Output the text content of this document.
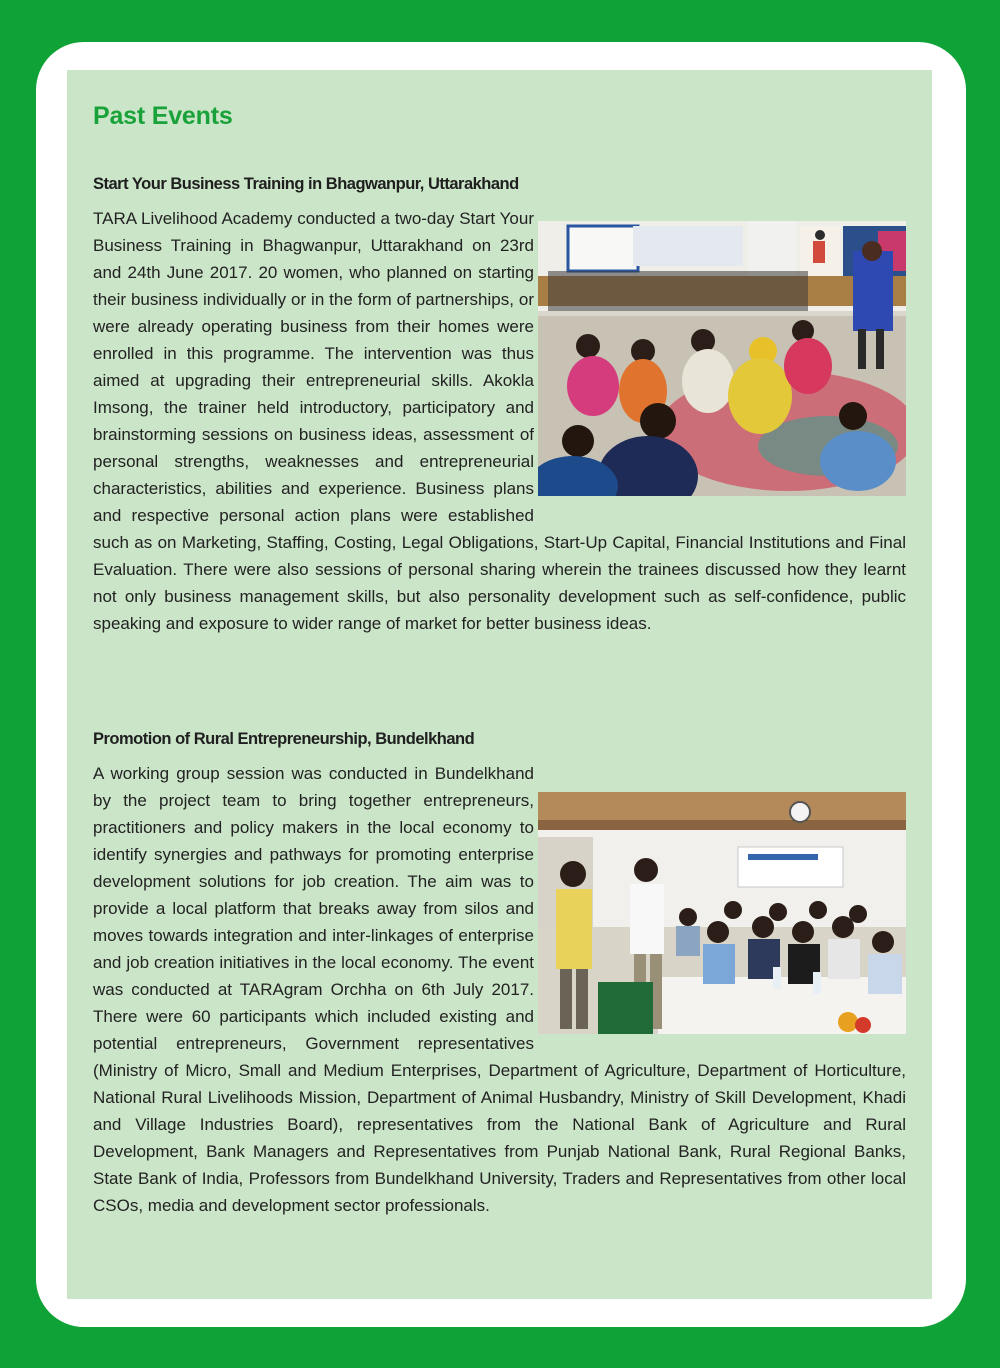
Past Events
Start Your Business Training in Bhagwanpur, Uttarakhand
TARA Livelihood Academy conducted a two-day Start Your Business Training in Bhagwanpur, Uttarakhand on 23rd and 24th June 2017. 20 women, who planned on starting their business individually or in the form of partnerships, or were already operating business from their homes were enrolled in this programme. The intervention was thus aimed at upgrading their entrepreneurial skills. Akokla Imsong, the trainer held introductory, participatory and brainstorming sessions on business ideas, assessment of personal strengths, weaknesses and entrepreneurial characteristics, abilities and experience. Business plans and respective personal action plans were established such as on Marketing, Staffing, Costing, Legal Obligations, Start-Up Capital, Financial Institutions and Final Evaluation. There were also sessions of personal sharing wherein the trainees discussed how they learnt not only business management skills, but also personality development such as self-confidence, public speaking and exposure to wider range of market for better business ideas.
Promotion of Rural Entrepreneurship, Bundelkhand
A working group session was conducted in Bundelkhand by the project team to bring together entrepreneurs, practitioners and policy makers in the local economy to identify synergies and pathways for promoting enterprise development solutions for job creation. The aim was to provide a local platform that breaks away from silos and moves towards integration and inter-linkages of enterprise and job creation initiatives in the local economy. The event was conducted at TARAgram Orchha on 6th July 2017. There were 60 participants which included existing and potential entrepreneurs, Government representatives (Ministry of Micro, Small and Medium Enterprises, Department of Agriculture, Department of Horticulture, National Rural Livelihoods Mission, Department of Animal Husbandry, Ministry of Skill Development, Khadi and Village Industries Board), representatives from the National Bank of Agriculture and Rural Development, Bank Managers and Representatives from Punjab National Bank, Rural Regional Banks, State Bank of India, Professors from Bundelkhand University, Traders and Representatives from other local CSOs, media and development sector professionals.
